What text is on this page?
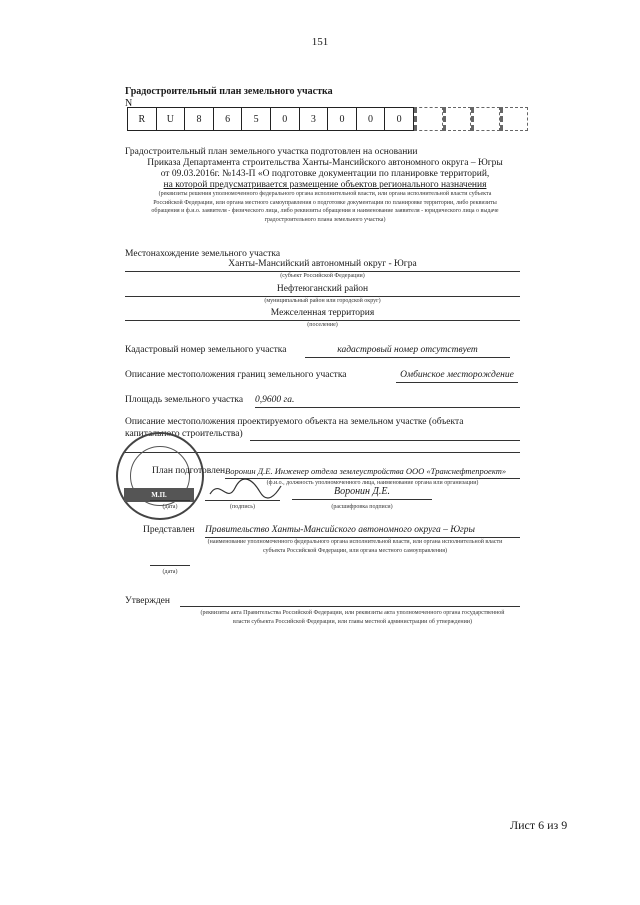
151
Градостроительный план земельного участка
N
R	U	8	6	5	0	3	0	0	0
Градостроительный план земельного участка подготовлен на основании
Приказа Департамента строительства Ханты-Мансийского автономного округа – Югры
от 09.03.2016г. №143-П «О подготовке документации по планировке территорий,
на которой предусматривается размещение объектов регионального назначения
(реквизиты решения уполномоченного федерального органа исполнительной власти, или органа исполнительной власти субъекта
Российской Федерации, или органа местного самоуправления о подготовке документации по планировке территории, либо реквизиты
обращения и ф.и.о. заявителя - физического лица, либо реквизиты обращения и наименование заявителя - юридического лица о выдаче
градостроительного плана земельного участка)
Местонахождение земельного участка
Ханты-Мансийский автономный округ - Югра
(субъект Российской Федерации)
Нефтеюганский район
(муниципальный район или городской округ)
Межселенная территория
(поселение)
Кадастровый номер земельного участка	кадастровый номер отсутствует
Описание местоположения границ земельного участка	Омбинское месторождение
Площадь земельного участка 0,9600 га.
Описание местоположения проектируемого объекта на земельном участке (объекта
капитального строительства)
М.П.
План подготовлен Воронин Д.Е. Инженер отдела землеустройства ООО «Транснефтепроект»
(ф.и.о., должность уполномоченного лица, наименование органа или организации)
(дата)	(подпись)
Воронин Д.Е.
(расшифровка подписи)
Представлен Правительство Ханты-Мансийского автономного округа – Югры
(наименование уполномоченного федерального органа исполнительной власти, или органа исполнительной власти
субъекта Российской Федерации, или органа местного самоуправления)
(дата)
Утвержден
(реквизиты акта Правительства Российской Федерации, или реквизиты акта уполномоченного органа государственной
власти субъекта Российской Федерации, или главы местной администрации об утверждении)
Лист 6 из 9
